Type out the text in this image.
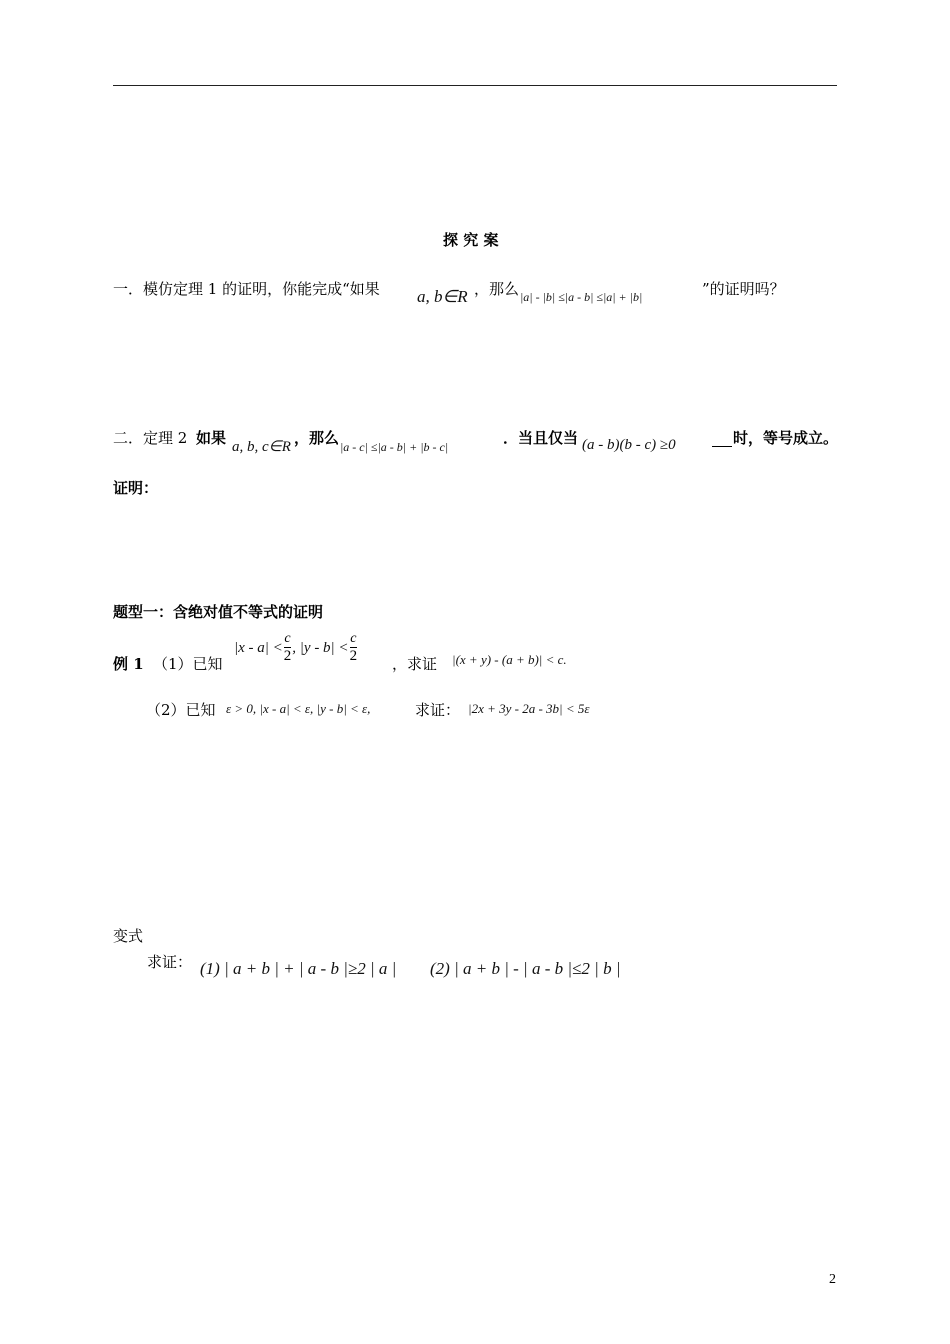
探 究 案
一．模仿定理 1 的证明，你能完成“如果 a, b∈R ，那么 |a| - |b| ≤|a - b| ≤|a| + |b|	”的证明吗？
二．定理 2 如果 a, b, c∈R ，那么 |a - c| ≤|a - b| + |b - c|	．当且仅当 (a - b)(b - c) ≥0	时，等号成立。
证明：
题型一：含绝对值不等式的证明
例 1 （1）已知
$|x - a| < \frac{c}{2}$ , $|y - b| < \frac{c}{2}$ ，求证 |(x + y) - (a + b)| < c.
（2）已知 ε > 0, |x - a| < ε, |y - b| < ε,	求证： |2x + 3y - 2a - 3b| < 5ε
变式
求证： (1) | a + b | + | a - b |≥2 | a | (2) | a + b | - | a - b |≤2 | b |
2
